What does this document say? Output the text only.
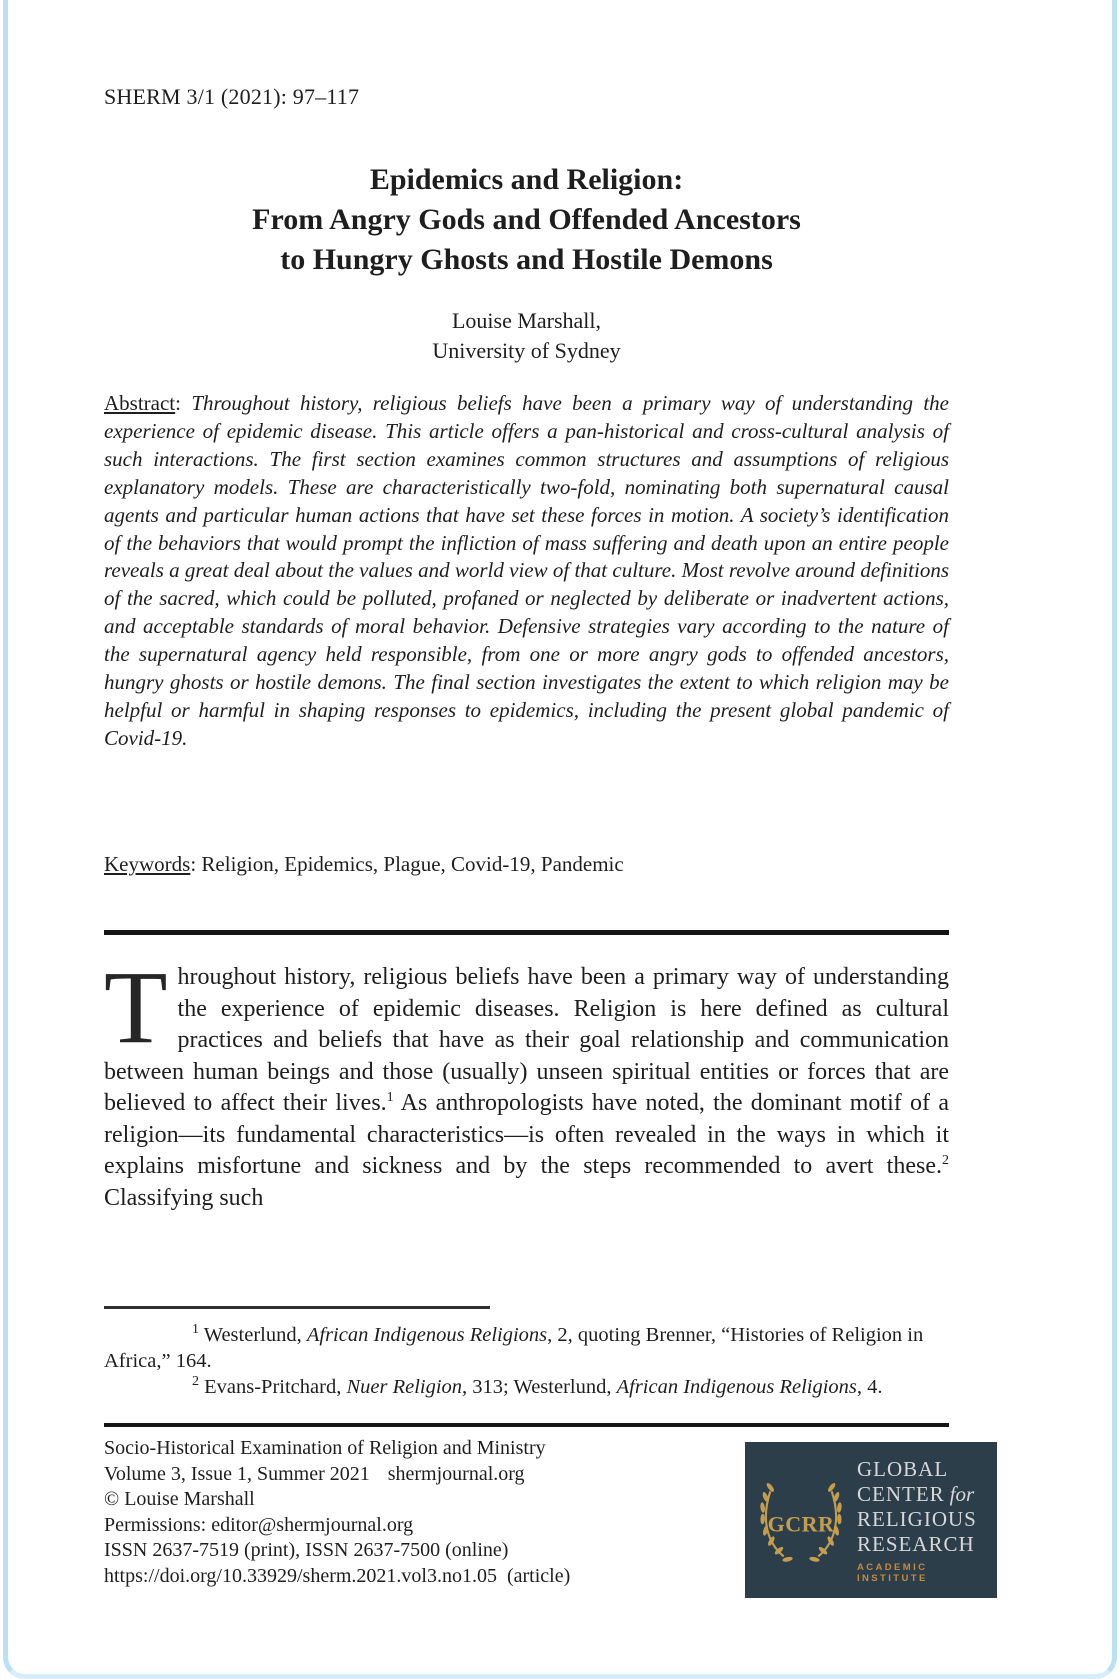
SHERM 3/1 (2021): 97–117
Epidemics and Religion:
From Angry Gods and Offended Ancestors
to Hungry Ghosts and Hostile Demons
Louise Marshall,
University of Sydney

Abstract: Throughout history, religious beliefs have been a primary way of understanding the experience of epidemic disease. This article offers a pan-historical and cross-cultural analysis of such interactions. The first section examines common structures and assumptions of religious explanatory models. These are characteristically two-fold, nominating both supernatural causal agents and particular human actions that have set these forces in motion. A society’s identification of the behaviors that would prompt the infliction of mass suffering and death upon an entire people reveals a great deal about the values and world view of that culture. Most revolve around definitions of the sacred, which could be polluted, profaned or neglected by deliberate or inadvertent actions, and acceptable standards of moral behavior. Defensive strategies vary according to the nature of the supernatural agency held responsible, from one or more angry gods to offended ancestors, hungry ghosts or hostile demons. The final section investigates the extent to which religion may be helpful or harmful in shaping responses to epidemics, including the present global pandemic of Covid-19.

Keywords: Religion, Epidemics, Plague, Covid-19, Pandemic

Throughout history, religious beliefs have been a primary way of understanding the experience of epidemic diseases. Religion is here defined as cultural practices and beliefs that have as their goal relationship and communication between human beings and those (usually) unseen spiritual entities or forces that are believed to affect their lives.$^1$ As anthropologists have noted, the dominant motif of a religion—its fundamental characteristics—is often revealed in the ways in which it explains misfortune and sickness and by the steps recommended to avert these.$^2$ Classifying such

$^1$ Westerlund, African Indigenous Religions, 2, quoting Brenner, “Histories of Religion in Africa,” 164.

$^2$ Evans-Pritchard, Nuer Religion, 313; Westerlund, African Indigenous Religions, 4.

Socio-Historical Examination of Religion and Ministry
Volume 3, Issue 1, Summer 2021 shermjournal.org
© Louise Marshall
Permissions: editor@shermjournal.org
ISSN 2637-7519 (print), ISSN 2637-7500 (online)
https://doi.org/10.33929/sherm.2021.vol3.no1.05 (article)
GCRR
GLOBAL
CENTER for
RELIGIOUS
RESEARCH
ACADEMIC INSTITUTE
